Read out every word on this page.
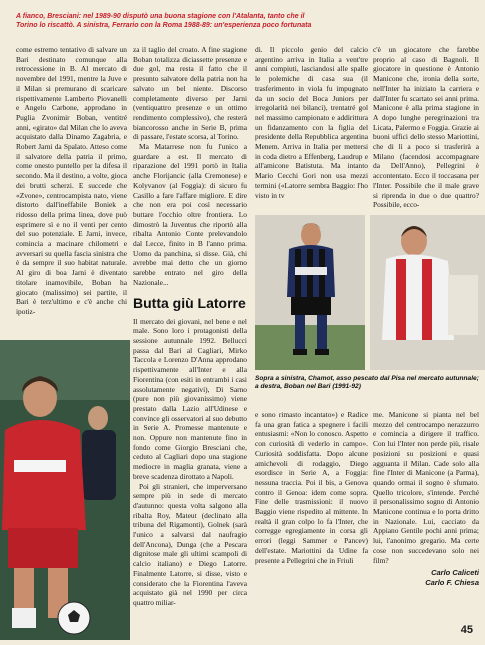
A fianco, Bresciani: nel 1989-90 disputò una buona stagione con l'Atalanta, tanto che il Torino lo riscattò. A sinistra, Ferrario con la Roma 1988-89: un'esperienza poco fortunata

come estremo tentativo di salvare un Bari destinato comunque alla retrocessione in B. Al mercato di novembre del 1991, mentre la Juve e il Milan si premurano di scaricare rispettivamente Lamberto Piovanelli e Angelo Carbone, approdano in Puglia Zvonimir Boban, ventitré anni, «girato» dal Milan che lo aveva acquistato dalla Dinamo Zagabria, e Robert Jarni da Spalato. Atteso come il salvatore della patria il primo, come onesto puntello per la difesa il secondo. Ma il destino, a volte, gioca dei brutti scherzi. E succede che «Zvone», centrocampista nato, viene distorto dall'ineffabile Boniek a ridosso della prima linea, dove può esprimere sì e no il venti per cento del suo potenziale. E Jarni, invece, comincia a macinare chilometri e avversari su quella fascia sinistra che è da sempre il suo habitat naturale. Al giro di boa Jarni è diventato titolare inamovibile, Boban ha giocato (malissimo) sei partite, il Bari è terz'ultimo e c'è anche chi ipotiz-

za il taglio del croato. A fine stagione Boban totalizza diciassette presenze e due gol, ma resta il fatto che il presunto salvatore della patria non ha salvato un bel niente. Discorso completamente diverso per Jarni (ventiquattro presenze e un ottimo rendimento complessivo), che resterà biancorosso anche in Serie B, prima di passare, l'estate scorsa, al Torino.

Ma Matarrese non fu l'unico a guardare a est. Il mercato di riparazione del 1991 portò in Italia anche Florijancic (alla Cremonese) e Kolyvanov (al Foggia): di sicuro fu Casillo a fare l'affare migliore. E dire che non era poi così necessario buttare l'occhio oltre frontiera. Lo dimostrò la Juventus che riportò alla ribalta Antonio Conte prelevandolo dal Lecce, finito in B l'anno prima. Uomo da panchina, si disse. Già, chi avrebbe mai detto che un giorno sarebbe entrato nel giro della Nazionale...

Butta giù Latorre

Il mercato dei giovani, nel bene e nel male. Sono loro i protagonisti della sessione autunnale 1992. Bellucci passa dal Bari al Cagliari, Mirko Taccola e Lorenzo D'Anna approdano rispettivamente all'Inter e alla Fiorentina (con esiti in entrambi i casi assolutamente negativi), Di Sarno (pure non più giovanissimo) viene prestato dalla Lazio all'Udinese e convince gli osservatori al suo debutto in Serie A. Promesse mantenute e non. Oppure non mantenute fino in fondo come Giorgio Bresciani che, ceduto al Cagliari dopo una stagione mediocre in maglia granata, viene a breve scadenza dirottato a Napoli.

Poi gli stranieri, che imperversano sempre più in sede di mercato d'autunno: questa volta salgono alla ribalta Roy, Mateut (declinato alla tribuna del Rigamonti), Golnek (sarà l'unico a salvarsi dal naufragio dell'Ancona), Dunga (che a Pescara dignitose male gli ultimi scampoli di calcio italiano) e Diego Latorre. Finalmente Latorre, si disse, visto e considerato che la Fiorentina l'aveva acquistato già nel 1990 per circa quattro miliar-

di. Il piccolo genio del calcio argentino arriva in Italia a vent'tre anni compiuti, lasciandosi alle spalle le polemiche di casa sua (il trasferimento in viola fu impugnato da un socio del Boca Juniors per irregolarità nei bilanci), trentatré gol nel massimo campionato e addirittura un fidanzamento con la figlia del presidente della Repubblica argentina Menem. Arriva in Italia per mettersi in coda dietro a Effenberg, Laudrup e all'amicone Batistuta. Ma intanto Mario Cecchi Gori non usa mezzi termini («Latorre sembra Baggio: l'ho visto in tv

c'è un giocatore che farebbe proprio al caso di Bagnoli. Il giocatore in questione è Antonio Manicone che, ironia della sorte, nell'Inter ha iniziato la carriera e dall'Inter fu scartato sei anni prima. Manicone è alla prima stagione in A dopo lunghe peregrinazioni tra Licata, Palermo e Foggia. Grazie ai buoni uffici dello stesso Mariottini, che di lì a poco si trasferirà a Milano (facendosi accompagnare da Dell'Anno), Pellegrini è accontentato. Ecco il toccasana per l'Inter. Possibile che il male grave si riprenda in due o due quattro? Possibile, ecco-

Sopra a sinistra, Chamot, asso pescato dal Pisa nel mercato autunnale; a destra, Boban nel Bari (1991-92)

e sono rimasto incantato») e Radice fa una gran fatica a spegnere i facili entusiasmi: «Non lo conosco. Aspetto con curiosità di vederlo in campo». Curiosità soddisfatta. Dopo alcune amichevoli di rodaggio, Diego esordisce in Serie A, a Foggia: nessuna traccia. Poi il bis, a Genova contro il Genoa: idem come sopra. Fine delle trasmissioni: il nuovo Baggio viene rispedito al mittente. In realtà il gran colpo lo fa l'Inter, che correggе egregiamente in corsa gli errori (leggi Sammer e Pancev) dell'estate. Mariottini da Udine fa presente a Pellegrini che in Friuli

me. Manicone si pianta nel bel mezzo del centrocampo nerazzurro e comincia a dirigere il traffico. Con lui l'Inter non perde più, risale posizioni su posizioni e quasi agguanta il Milan. Cade solo alla fine l'Inter di Manicone (a Parma), quando ormai il sogno è sfumato. Quello tricolore, s'intende. Perché il personalissimo sogno di Antonio Manicone continua e lo porta dritto in Nazionale. Lui, cacciato da Appiano Gentile pochi anni prima; lui, l'anonimo gregario. Ma certe cose non succedevano solo nei film?

Carlo Caliceti
Carlo F. Chiesa
45
